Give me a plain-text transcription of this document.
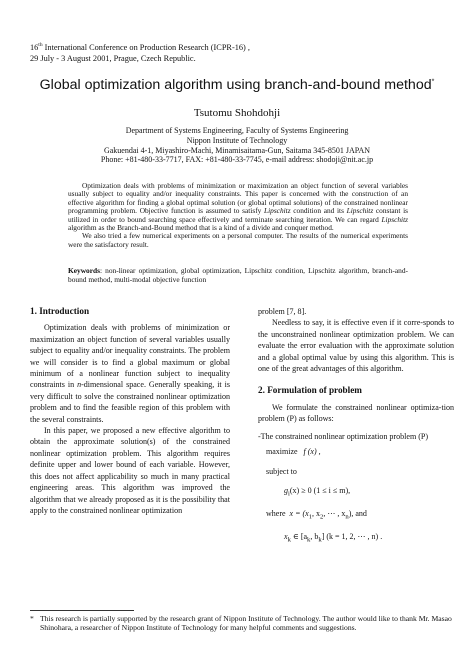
16th International Conference on Production Research (ICPR-16) ,
29 July - 3 August 2001, Prague, Czech Republic.
Global optimization algorithm using branch-and-bound method*
Tsutomu Shohdohji
Department of Systems Engineering, Faculty of Systems Engineering
Nippon Institute of Technology
Gakuendai 4-1, Miyashiro-Machi, Minamisaitama-Gun, Saitama 345-8501 JAPAN
Phone: +81-480-33-7717, FAX: +81-480-33-7745, e-mail address: shodoji@nit.ac.jp

Optimization deals with problems of minimization or maximization an object function of several variables usually subject to equality and/or inequality constraints. This paper is concerned with the construction of an effective algorithm for finding a global optimal solution (or global optimal solutions) of the constrained nonlinear programming problem. Objective function is assumed to satisfy Lipschitz condition and its Lipschitz constant is utilized in order to bound searching space effectively and terminate searching iteration. We can regard Lipschitz algorithm as the Branch-and-Bound method that is a kind of a divide and conquer method.

We also tried a few numerical experiments on a personal computer. The results of the numerical experiments were the satisfactory result.

Keywords: non-linear optimization, global optimization, Lipschitz condition, Lipschitz algorithm, branch-and-bound method, multi-modal objective function
1. Introduction

Optimization deals with problems of minimization or maximization an object function of several variables usually subject to equality and/or inequality constraints. The problem we will consider is to find a global maximum or global minimum of a nonlinear function subject to inequality constraints in n-dimensional space. Generally speaking, it is very difficult to solve the constrained nonlinear optimization problem and to find the feasible region of this problem with the several constraints.

In this paper, we proposed a new effective algorithm to obtain the approximate solution(s) of the constrained nonlinear optimization problem. This algorithm requires definite upper and lower bound of each variable. However, this does not affect applicability so much in many practical engineering areas. This algorithm was improved the algorithm that we already proposed as it is the possibility that apply to the constrained nonlinear optimization

problem [7, 8].

Needless to say, it is effective even if it corre-sponds to the unconstrained nonlinear optimization problem. We can evaluate the error evaluation with the approximate solution and a global optimal value by using this algorithm. This is one of the great advantages of this algorithm.

2. Formulation of problem

We formulate the constrained nonlinear optimiza-tion problem (P) as follows:

-The constrained nonlinear optimization problem (P)

maximize f (x) ,
subject to
$g_i(x) \ge 0$ (1 ≤ i ≤ m),
where $x = (x_1$, $x_2$, ⋯ , $x_n$), and
$x_k$ ∈ [$a_k$, $b_k$] (k = 1, 2, ⋯ , n) .
* This research is partially supported by the research grant of Nippon Institute of Technology. The author would like to thank Mr. Masao Shinohara, a researcher of Nippon Institute of Technology for many helpful comments and suggestions.
